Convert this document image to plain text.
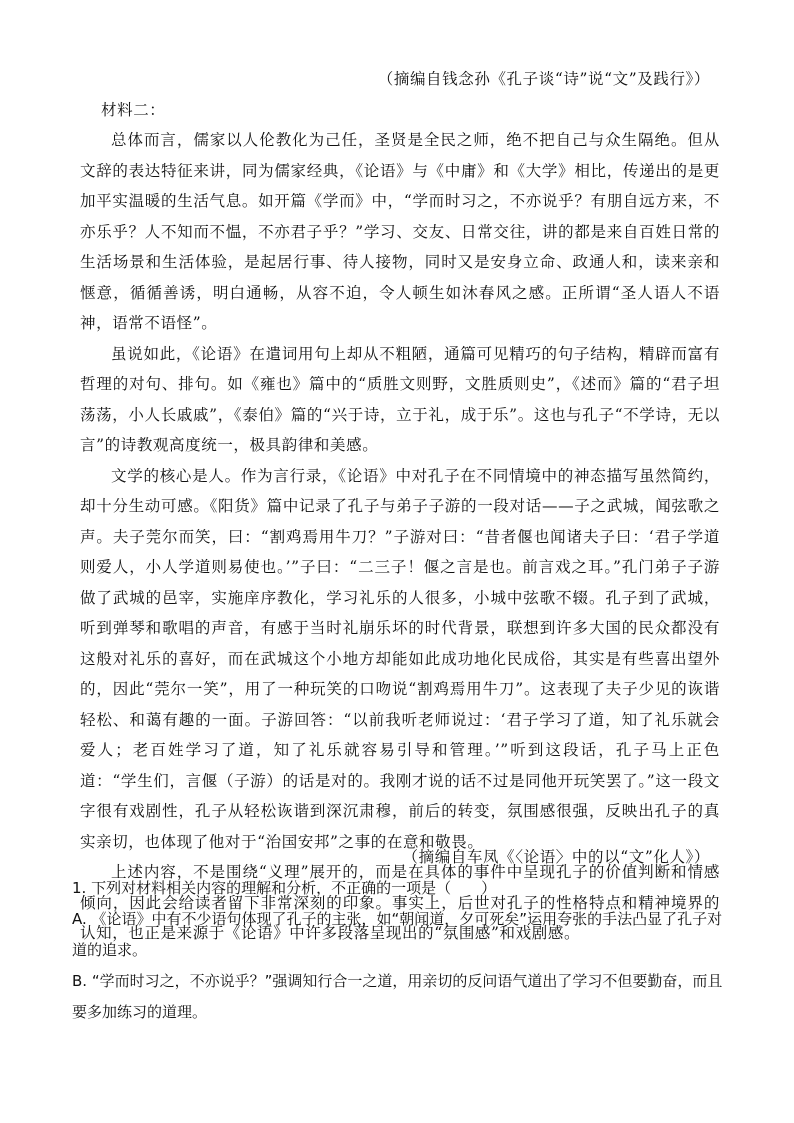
（摘编自钱念孙《孔子谈“诗”说“文”及践行》）
材料二：

总体而言，儒家以人伦教化为己任，圣贤是全民之师，绝不把自己与众生隔绝。但从文辞的表达特征来讲，同为儒家经典，《论语》与《中庸》和《大学》相比，传递出的是更加平实温暖的生活气息。如开篇《学而》中，“学而时习之，不亦说乎？有朋自远方来，不亦乐乎？人不知而不愠，不亦君子乎？”学习、交友、日常交往，讲的都是来自百姓日常的生活场景和生活体验，是起居行事、待人接物，同时又是安身立命、政通人和，读来亲和惬意，循循善诱，明白通畅，从容不迫，令人顿生如沐春风之感。正所谓“圣人语人不语神，语常不语怪”。

虽说如此，《论语》在遣词用句上却从不粗陋，通篇可见精巧的句子结构，精辟而富有哲理的对句、排句。如《雍也》篇中的“质胜文则野，文胜质则史”，《述而》篇的“君子坦荡荡，小人长戚戚”，《泰伯》篇的“兴于诗，立于礼，成于乐”。这也与孔子“不学诗，无以言”的诗教观高度统一，极具韵律和美感。

文学的核心是人。作为言行录，《论语》中对孔子在不同情境中的神态描写虽然简约，却十分生动可感。《阳货》篇中记录了孔子与弟子子游的一段对话——子之武城，闻弦歌之声。夫子莞尔而笑，曰：“割鸡焉用牛刀？”子游对曰：“昔者偃也闻诸夫子曰：‘君子学道则爱人，小人学道则易使也。’”子曰：“二三子！偃之言是也。前言戏之耳。”孔门弟子子游做了武城的邑宰，实施庠序教化，学习礼乐的人很多，小城中弦歌不辍。孔子到了武城，听到弹琴和歌唱的声音，有感于当时礼崩乐坏的时代背景，联想到许多大国的民众都没有这般对礼乐的喜好，而在武城这个小地方却能如此成功地化民成俗，其实是有些喜出望外的，因此“莞尔一笑”，用了一种玩笑的口吻说“割鸡焉用牛刀”。这表现了夫子少见的诙谐轻松、和蔼有趣的一面。子游回答：“以前我听老师说过：‘君子学习了道，知了礼乐就会爱人；老百姓学习了道，知了礼乐就容易引导和管理。’”听到这段话，孔子马上正色道：“学生们，言偃（子游）的话是对的。我刚才说的话不过是同他开玩笑罢了。”这一段文字很有戏剧性，孔子从轻松诙谐到深沉肃穆，前后的转变，氛围感很强，反映出孔子的真实亲切，也体现了他对于“治国安邦”之事的在意和敬畏。

上述内容，不是围绕“义理”展开的，而是在具体的事件中呈现孔子的价值判断和情感倾向，因此会给读者留下非常深刻的印象。事实上，后世对孔子的性格特点和精神境界的认知，也正是来源于《论语》中许多段落呈现出的“氛围感”和戏剧感。

（摘编自车凤《〈论语〉中的以“文”化人》）
1. 下列对材料相关内容的理解和分析，不正确的一项是（　　）

A. 《论语》中有不少语句体现了孔子的主张，如“朝闻道，夕可死矣”运用夸张的手法凸显了孔子对道的追求。

B. “学而时习之，不亦说乎？”强调知行合一之道，用亲切的反问语气道出了学习不但要勤奋，而且要多加练习的道理。
